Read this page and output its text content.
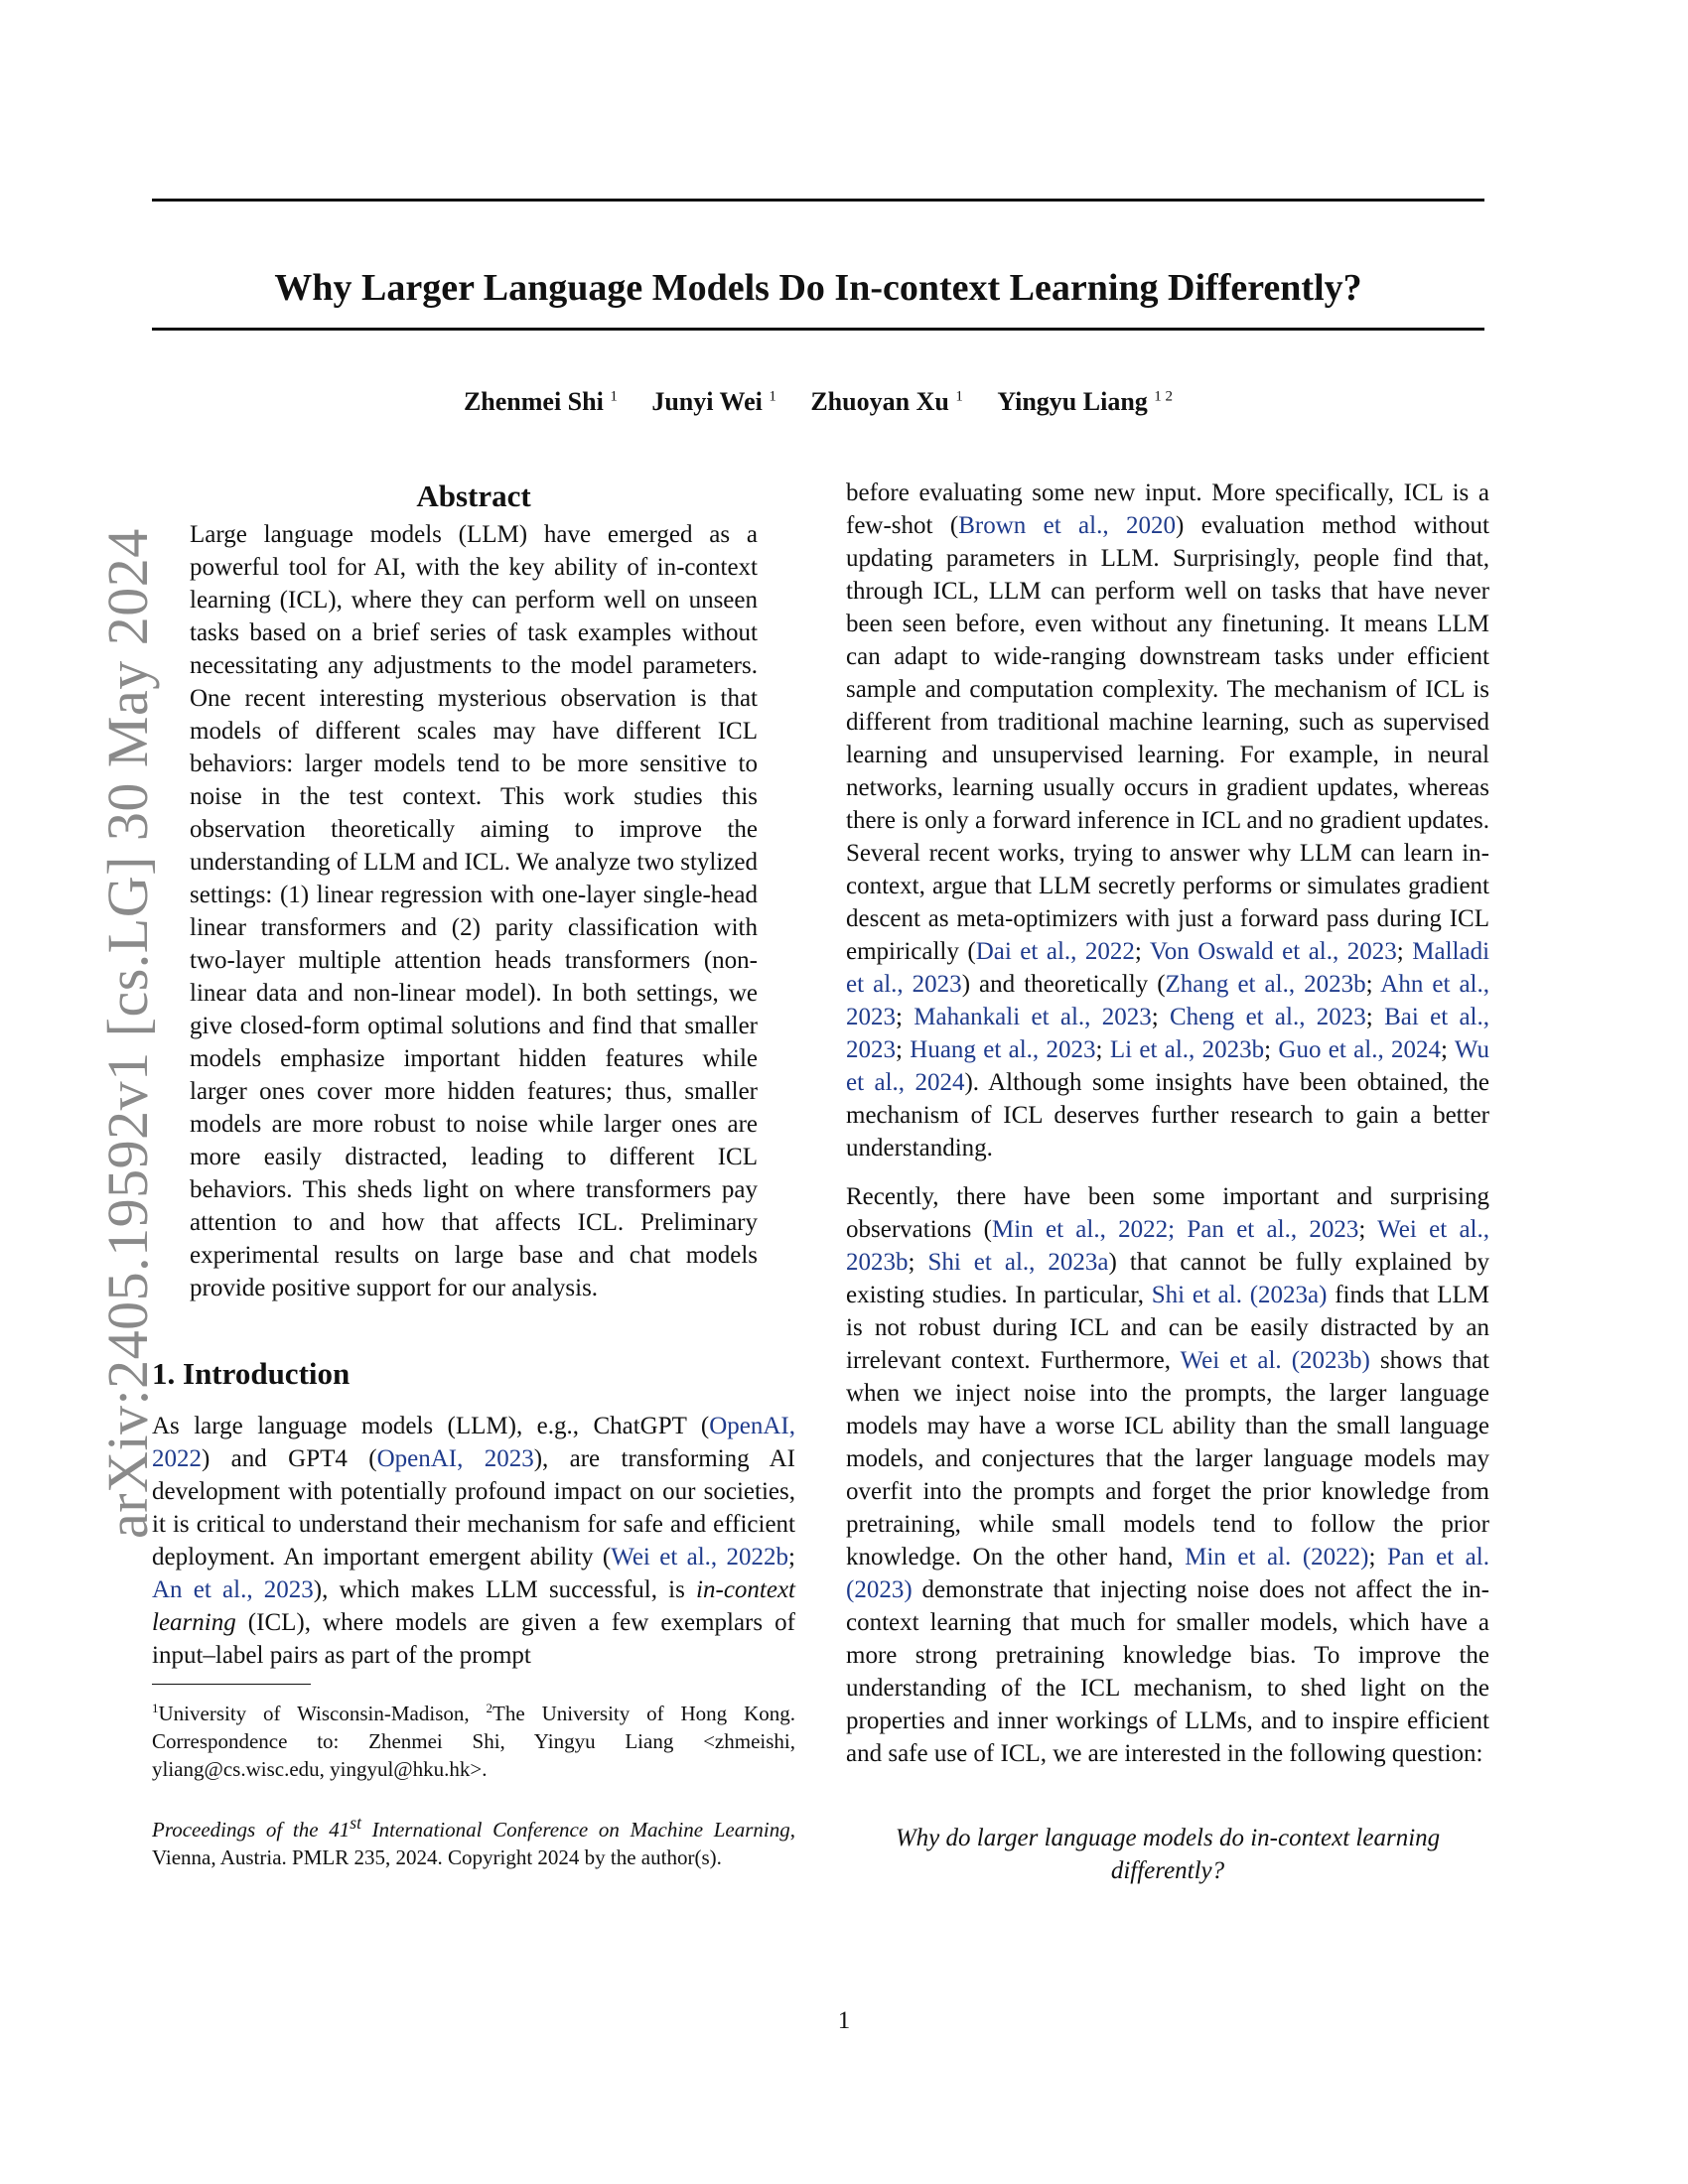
Why Larger Language Models Do In-context Learning Differently?
Zhenmei Shi $^1$ Junyi Wei $^1$ Zhuoyan Xu $^1$ Yingyu Liang $^{1 2}$
arXiv:2405.19592v1 [cs.LG] 30 May 2024
Abstract

Large language models (LLM) have emerged as a powerful tool for AI, with the key ability of in-context learning (ICL), where they can perform well on unseen tasks based on a brief series of task examples without necessitating any adjustments to the model parameters. One recent interesting mysterious observation is that models of different scales may have different ICL behaviors: larger models tend to be more sensitive to noise in the test context. This work studies this observation theoretically aiming to improve the understanding of LLM and ICL. We analyze two stylized settings: (1) linear regression with one-layer single-head linear transformers and (2) parity classification with two-layer multiple attention heads transformers (non-linear data and non-linear model). In both settings, we give closed-form optimal solutions and find that smaller models emphasize important hidden features while larger ones cover more hidden features; thus, smaller models are more robust to noise while larger ones are more easily distracted, leading to different ICL behaviors. This sheds light on where transformers pay attention to and how that affects ICL. Preliminary experimental results on large base and chat models provide positive support for our analysis.

1. Introduction

As large language models (LLM), e.g., ChatGPT (OpenAI, 2022) and GPT4 (OpenAI, 2023), are transforming AI development with potentially profound impact on our societies, it is critical to understand their mechanism for safe and efficient deployment. An important emergent ability (Wei et al., 2022b; An et al., 2023), which makes LLM successful, is in-context learning (ICL), where models are given a few exemplars of input–label pairs as part of the prompt

$^1$University of Wisconsin-Madison, $^2$The University of Hong Kong. Correspondence to: Zhenmei Shi, Yingyu Liang <zhmeishi, yliang@cs.wisc.edu, yingyul@hku.hk>.

Proceedings of the 41st International Conference on Machine Learning, Vienna, Austria. PMLR 235, 2024. Copyright 2024 by the author(s).

before evaluating some new input. More specifically, ICL is a few-shot (Brown et al., 2020) evaluation method without updating parameters in LLM. Surprisingly, people find that, through ICL, LLM can perform well on tasks that have never been seen before, even without any finetuning. It means LLM can adapt to wide-ranging downstream tasks under efficient sample and computation complexity. The mechanism of ICL is different from traditional machine learning, such as supervised learning and unsupervised learning. For example, in neural networks, learning usually occurs in gradient updates, whereas there is only a forward inference in ICL and no gradient updates. Several recent works, trying to answer why LLM can learn in-context, argue that LLM secretly performs or simulates gradient descent as meta-optimizers with just a forward pass during ICL empirically (Dai et al., 2022; Von Oswald et al., 2023; Malladi et al., 2023) and theoretically (Zhang et al., 2023b; Ahn et al., 2023; Mahankali et al., 2023; Cheng et al., 2023; Bai et al., 2023; Huang et al., 2023; Li et al., 2023b; Guo et al., 2024; Wu et al., 2024). Although some insights have been obtained, the mechanism of ICL deserves further research to gain a better understanding.

Recently, there have been some important and surprising observations (Min et al., 2022; Pan et al., 2023; Wei et al., 2023b; Shi et al., 2023a) that cannot be fully explained by existing studies. In particular, Shi et al. (2023a) finds that LLM is not robust during ICL and can be easily distracted by an irrelevant context. Furthermore, Wei et al. (2023b) shows that when we inject noise into the prompts, the larger language models may have a worse ICL ability than the small language models, and conjectures that the larger language models may overfit into the prompts and forget the prior knowledge from pretraining, while small models tend to follow the prior knowledge. On the other hand, Min et al. (2022); Pan et al. (2023) demonstrate that injecting noise does not affect the in-context learning that much for smaller models, which have a more strong pretraining knowledge bias. To improve the understanding of the ICL mechanism, to shed light on the properties and inner workings of LLMs, and to inspire efficient and safe use of ICL, we are interested in the following question:

Why do larger language models do in-context learning differently?

1
